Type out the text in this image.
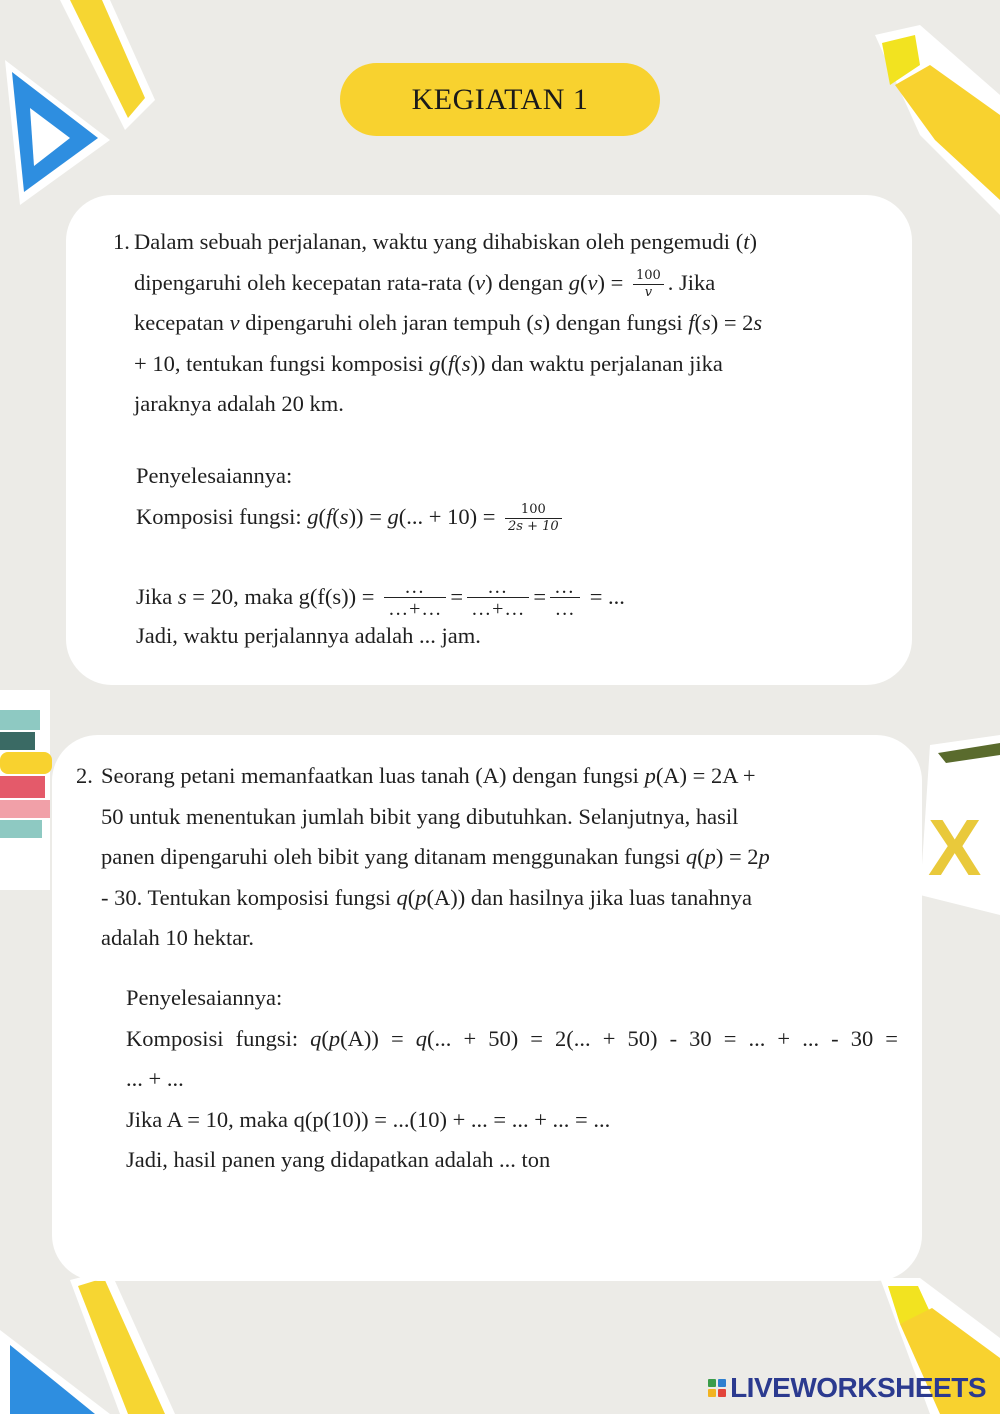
X
KEGIATAN 1
1. Dalam sebuah perjalanan, waktu yang dihabiskan oleh pengemudi (t)
dipengaruhi oleh kecepatan rata-rata (v) dengan $g(v) = \frac{100}{v}$ . Jika
kecepatan v dipengaruhi oleh jaran tempuh (s) dengan fungsi f(s) = 2s
+ 10, tentukan fungsi komposisi g(f(s)) dan waktu perjalanan jika
jaraknya adalah 20 km.
Penyelesaiannya:
Komposisi fungsi: g(f(s)) = g(... + $10) = \frac{100}{2s + 10}$
Jika s = 20, maka g(f(s)) =	…
…+…
=	…
…+…
= …
…
= ...
Jadi, waktu perjalannya adalah ... jam.
2. Seorang petani memanfaatkan luas tanah (A) dengan fungsi p(A) = 2A +
50 untuk menentukan jumlah bibit yang dibutuhkan. Selanjutnya, hasil
panen dipengaruhi oleh bibit yang ditanam menggunakan fungsi q(p) = 2p
- 30. Tentukan komposisi fungsi q(p(A)) dan hasilnya jika luas tanahnya
adalah 10 hektar.
Penyelesaiannya:
Komposisi fungsi: q(p(A)) = q(... + 50) = 2(... + 50) - 30 = ... + ... - 30 =
... + ...
Jika A = 10, maka q(p(10)) = ...(10) + ... = ... + ... = ...
Jadi, hasil panen yang didapatkan adalah ... ton
LIVEWORKSHEETS
